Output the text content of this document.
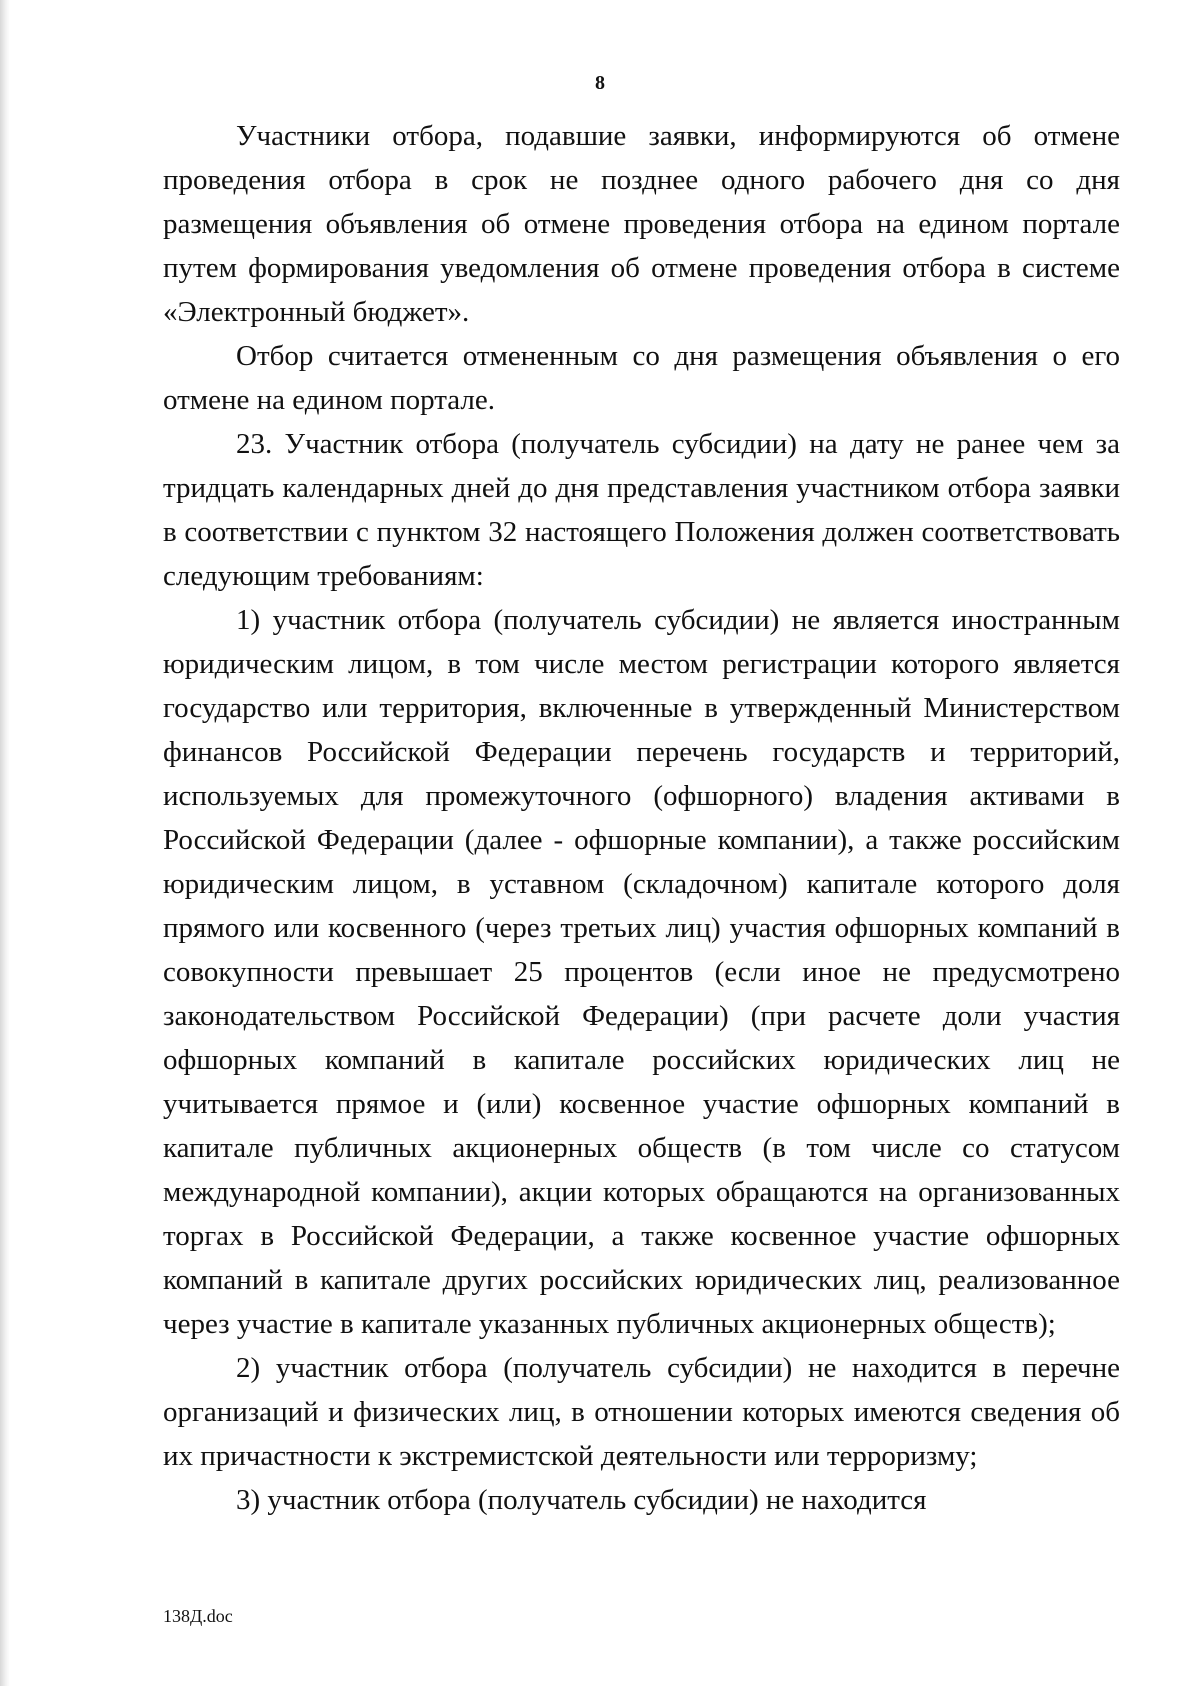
8

Участники отбора, подавшие заявки, информируются об отмене проведения отбора в срок не позднее одного рабочего дня со дня размещения объявления об отмене проведения отбора на едином портале путем формирования уведомления об отмене проведения отбора в системе «Электронный бюджет».

Отбор считается отмененным со дня размещения объявления о его отмене на едином портале.

23. Участник отбора (получатель субсидии) на дату не ранее чем за тридцать календарных дней до дня представления участником отбора заявки в соответствии с пунктом 32 настоящего Положения должен соответствовать следующим требованиям:

1) участник отбора (получатель субсидии) не является иностранным юридическим лицом, в том числе местом регистрации которого является государство или территория, включенные в утвержденный Министерством финансов Российской Федерации перечень государств и территорий, используемых для промежуточного (офшорного) владения активами в Российской Федерации (далее - офшорные компании), а также российским юридическим лицом, в уставном (складочном) капитале которого доля прямого или косвенного (через третьих лиц) участия офшорных компаний в совокупности превышает 25 процентов (если иное не предусмотрено законодательством Российской Федерации) (при расчете доли участия офшорных компаний в капитале российских юридических лиц не учитывается прямое и (или) косвенное участие офшорных компаний в капитале публичных акционерных обществ (в том числе со статусом международной компании), акции которых обращаются на организованных торгах в Российской Федерации, а также косвенное участие офшорных компаний в капитале других российских юридических лиц, реализованное через участие в капитале указанных публичных акционерных обществ);

2) участник отбора (получатель субсидии) не находится в перечне организаций и физических лиц, в отношении которых имеются сведения об их причастности к экстремистской деятельности или терроризму;

3) участник отбора (получатель субсидии) не находится

138Д.doc
